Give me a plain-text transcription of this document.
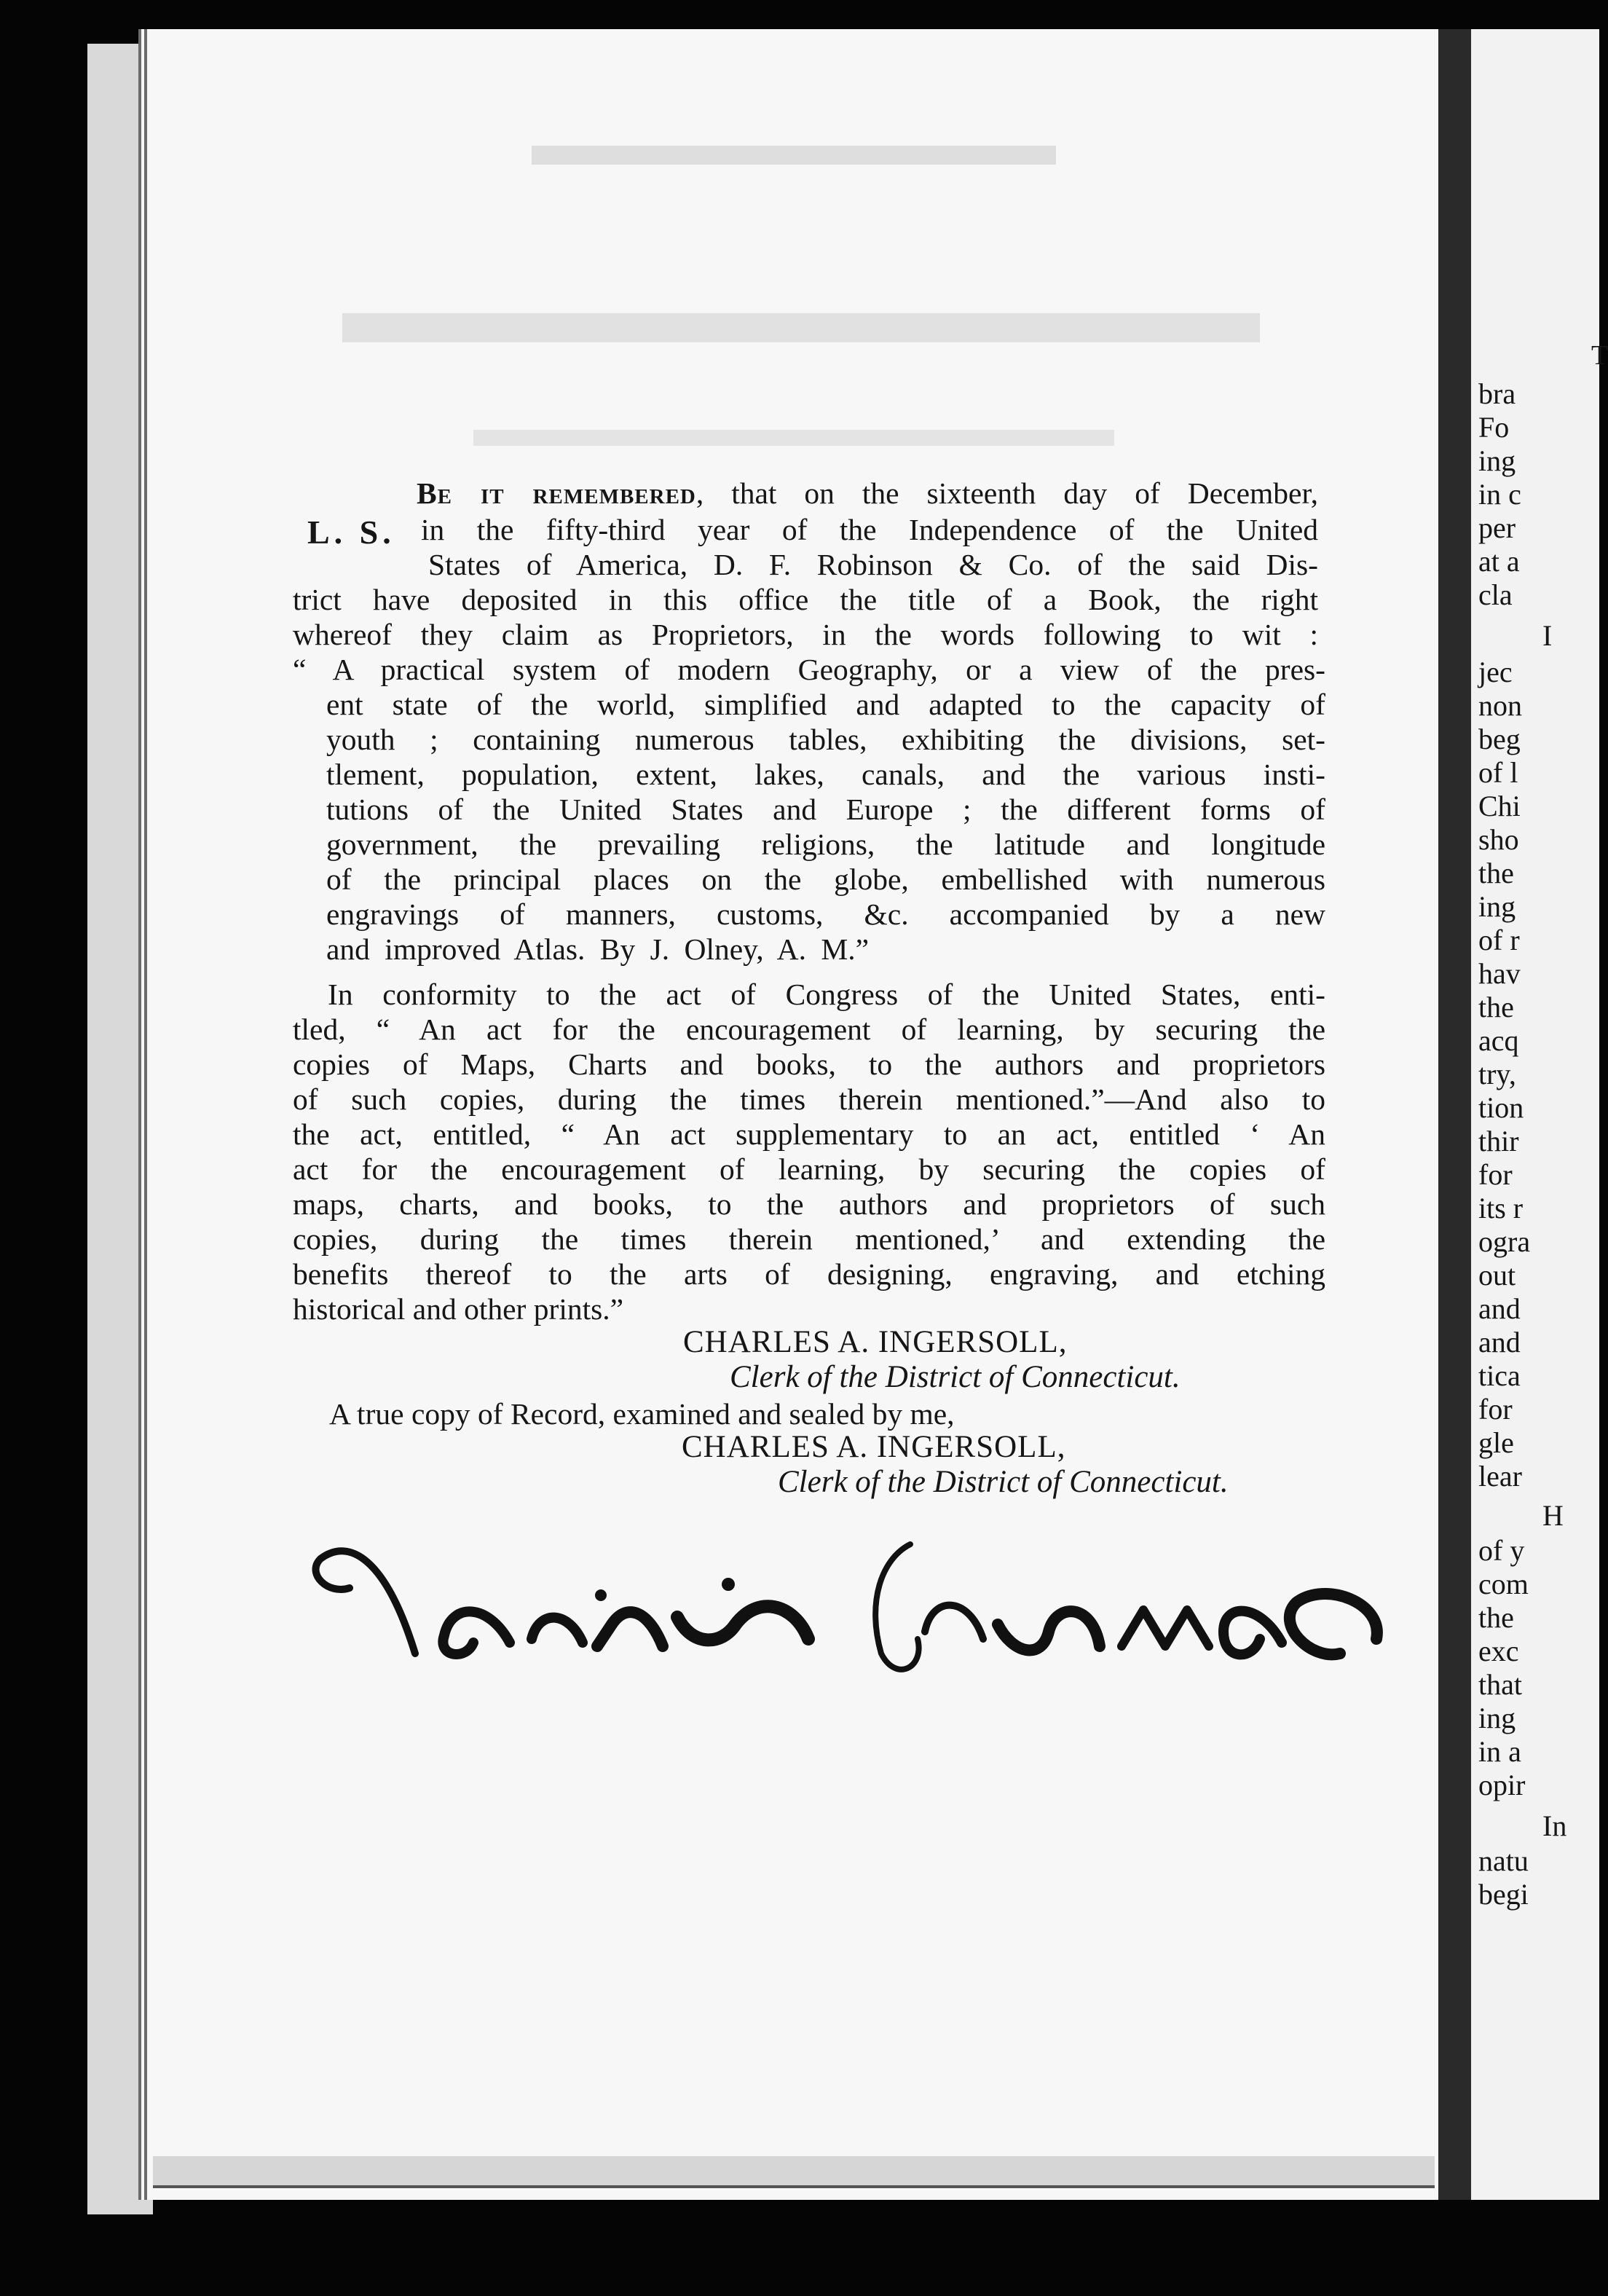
L. S.
Be it remembered, that on the sixteenth day of December,
in the fifty-third year of the Independence of the United
States of America, D. F. Robinson & Co. of the said Dis-
trict have deposited in this office the title of a Book, the right
whereof they claim as Proprietors, in the words following to wit :
“ A practical system of modern Geography, or a view of the pres-
ent state of the world, simplified and adapted to the capacity of
youth ; containing numerous tables, exhibiting the divisions, set-
tlement, population, extent, lakes, canals, and the various insti-
tutions of the United States and Europe ; the different forms of
government, the prevailing religions, the latitude and longitude
of the principal places on the globe, embellished with numerous
engravings of manners, customs, &c. accompanied by a new
and improved Atlas. By J. Olney, A. M.”
In conformity to the act of Congress of the United States, enti-
tled, “ An act for the encouragement of learning, by securing the
copies of Maps, Charts and books, to the authors and proprietors
of such copies, during the times therein mentioned.”—And also to
the act, entitled, “ An act supplementary to an act, entitled ‘ An
act for the encouragement of learning, by securing the copies of
maps, charts, and books, to the authors and proprietors of such
copies, during the times therein mentioned,’ and extending the
benefits thereof to the arts of designing, engraving, and etching
historical and other prints.”
CHARLES A. INGERSOLL,
Clerk of the District of Connecticut.
A true copy of Record, examined and sealed by me,
CHARLES A. INGERSOLL,
Clerk of the District of Connecticut.
T
bra
Fo
ing
in c
per
at a
cla
I
jec
non
beg
of l
Chi
sho
the
ing
of r
hav
the
acq
try,
tion
thir
for
its r
ogra
out
and
and
tica
for
gle
lear
H
of y
com
the
exc
that
ing
in a
opir
In
natu
begi
